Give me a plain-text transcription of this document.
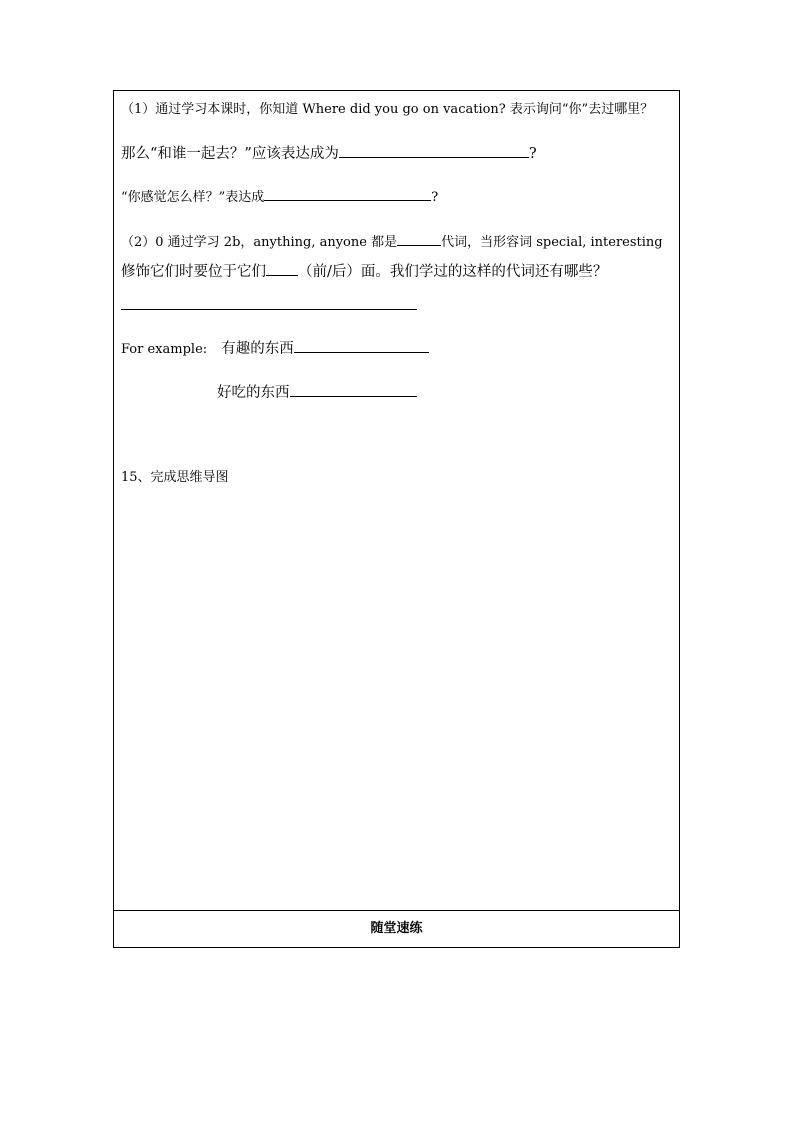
（1）通过学习本课时，你知道 Where did you go on vacation? 表示询问“你”去过哪里？
那么“和谁一起去？”应该表达成为	?
“你感觉怎么样？”表达成	?
（2）0 通过学习 2b，anything, anyone 都是	代词，当形容词 special, interesting
修饰它们时要位于它们 （前/后）面。我们学过的这样的代词还有哪些？
For example: 有趣的东西
好吃的东西
15、完成思维导图
随堂速练
